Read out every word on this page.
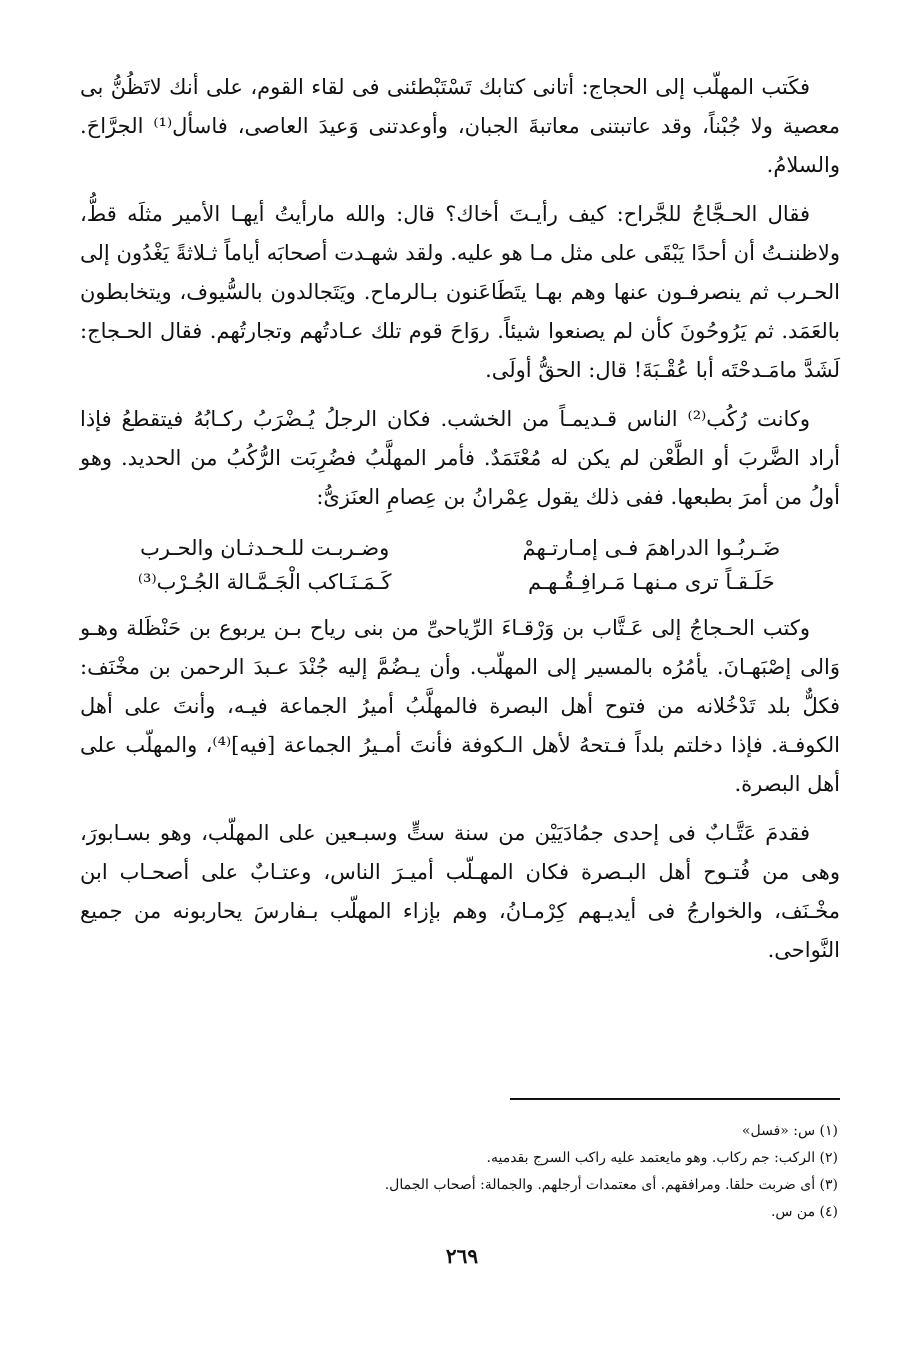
فكَتب المهلّب إلى الحجاج: أتانى كتابك تَسْتَبْطئنى فى لقاء القوم، على أنك لاتَظُنُّ بى معصية ولا جُبْناً، وقد عاتبتنى معاتبةَ الجبان، وأوعدتنى وَعيدَ العاصى، فاسأل⁽¹⁾ الجرَّاحَ. والسلامُ.

فقال الحـجَّاجُ للجَّراح: كيف رأيـتَ أخاك؟ قال: والله مارأيتُ أيهـا الأمير مثلَه قطُّ، ولاظننـتُ أن أحدًا يَبْقَى على مثل مـا هو عليه. ولقد شهـدت أصحابَه أياماً ثـلاثةً يَغْدُون إلى الحـرب ثم ينصرفـون عنها وهم بهـا يتَطَاعَنون بـالرماح. ويَتَجالدون بالسُّيوف، ويتخابطون بالعَمَد. ثم يَرُوحُونَ كأن لم يصنعوا شيئاً. روَاحَ قوم تلك عـادتُهم وتجارتُهم. فقال الحـجاج: لَشَدَّ مامَـدحْتَه أبا عُقْـبَةَ! قال: الحقُّ أولَى.

وكانت رُكُب⁽²⁾ الناس قـديمـاً من الخشب. فكان الرجلُ يُـضْرَبُ ركـابُهُ فيتقطعُ فإذا أراد الضَّربَ أو الطَّعْن لم يكن له مُعْتَمَدٌ. فأمر المهلَّبُ فضُرِبَت الرُّكُبُ من الحديد. وهو أولُ من أمرَ بطبعها. ففى ذلك يقول عِمْرانُ بن عِصامِ العنَزىُّ:

ضَـربُـوا الدراهمَ فـى إمـارتـهمْ
وضـربـت للـحـدثـان والحـرب
حَلَـقـاً ترى مـنهـا مَـرافِـقُـهـم
كَـمَـنَـاكب الْجَـمَّـالة الجُـرْب⁽³⁾

وكتب الحـجاجُ إلى عَـتَّاب بن وَرْقـاءَ الرِّياحىِّ من بنى رياح بـن يربوع بن حَنْظَلة وهـو وَالى إصْبَهـانَ. يأمُرُه بالمسير إلى المهلّب. وأن يـضُمَّ إليه جُنْدَ عـبدَ الرحمن بن مخْنَف: فكلٌّ بلد تَدْخُلانه من فتوح أهل البصرة فالمهلَّبُ أميرُ الجماعة فيـه، وأنتَ على أهل الكوفـة. فإذا دخلتم بلداً فـتحهُ لأهل الـكوفة فأنتَ أمـيرُ الجماعة [فيه]⁽⁴⁾، والمهلّب على أهل البصرة.

فقدمَ عَتَّـابٌ فى إحدى جمُادَيَيْن من سنة ستٍّ وسبـعين على المهلّب، وهو بسـابورَ، وهى من فُتـوح أهل البـصرة فكان المهـلّب أميـرَ الناس، وعتـابٌ على أصحـاب ابن مخْـنَف، والخوارجُ فى أيديـهم كِرْمـانُ، وهم بإزاء المهلّب بـفارسَ يحاربونه من جميع النَّواحى.

(١) س: «فسل»
(٢) الركب: جم ركاب. وهو مايعتمد عليه راكب السرج بقدميه.
(٣) أى ضربت حلقا. ومرافقهم. أى معتمدات أرجلهم. والجمالة: أصحاب الجمال.
(٤) من س.
٢٦٩
